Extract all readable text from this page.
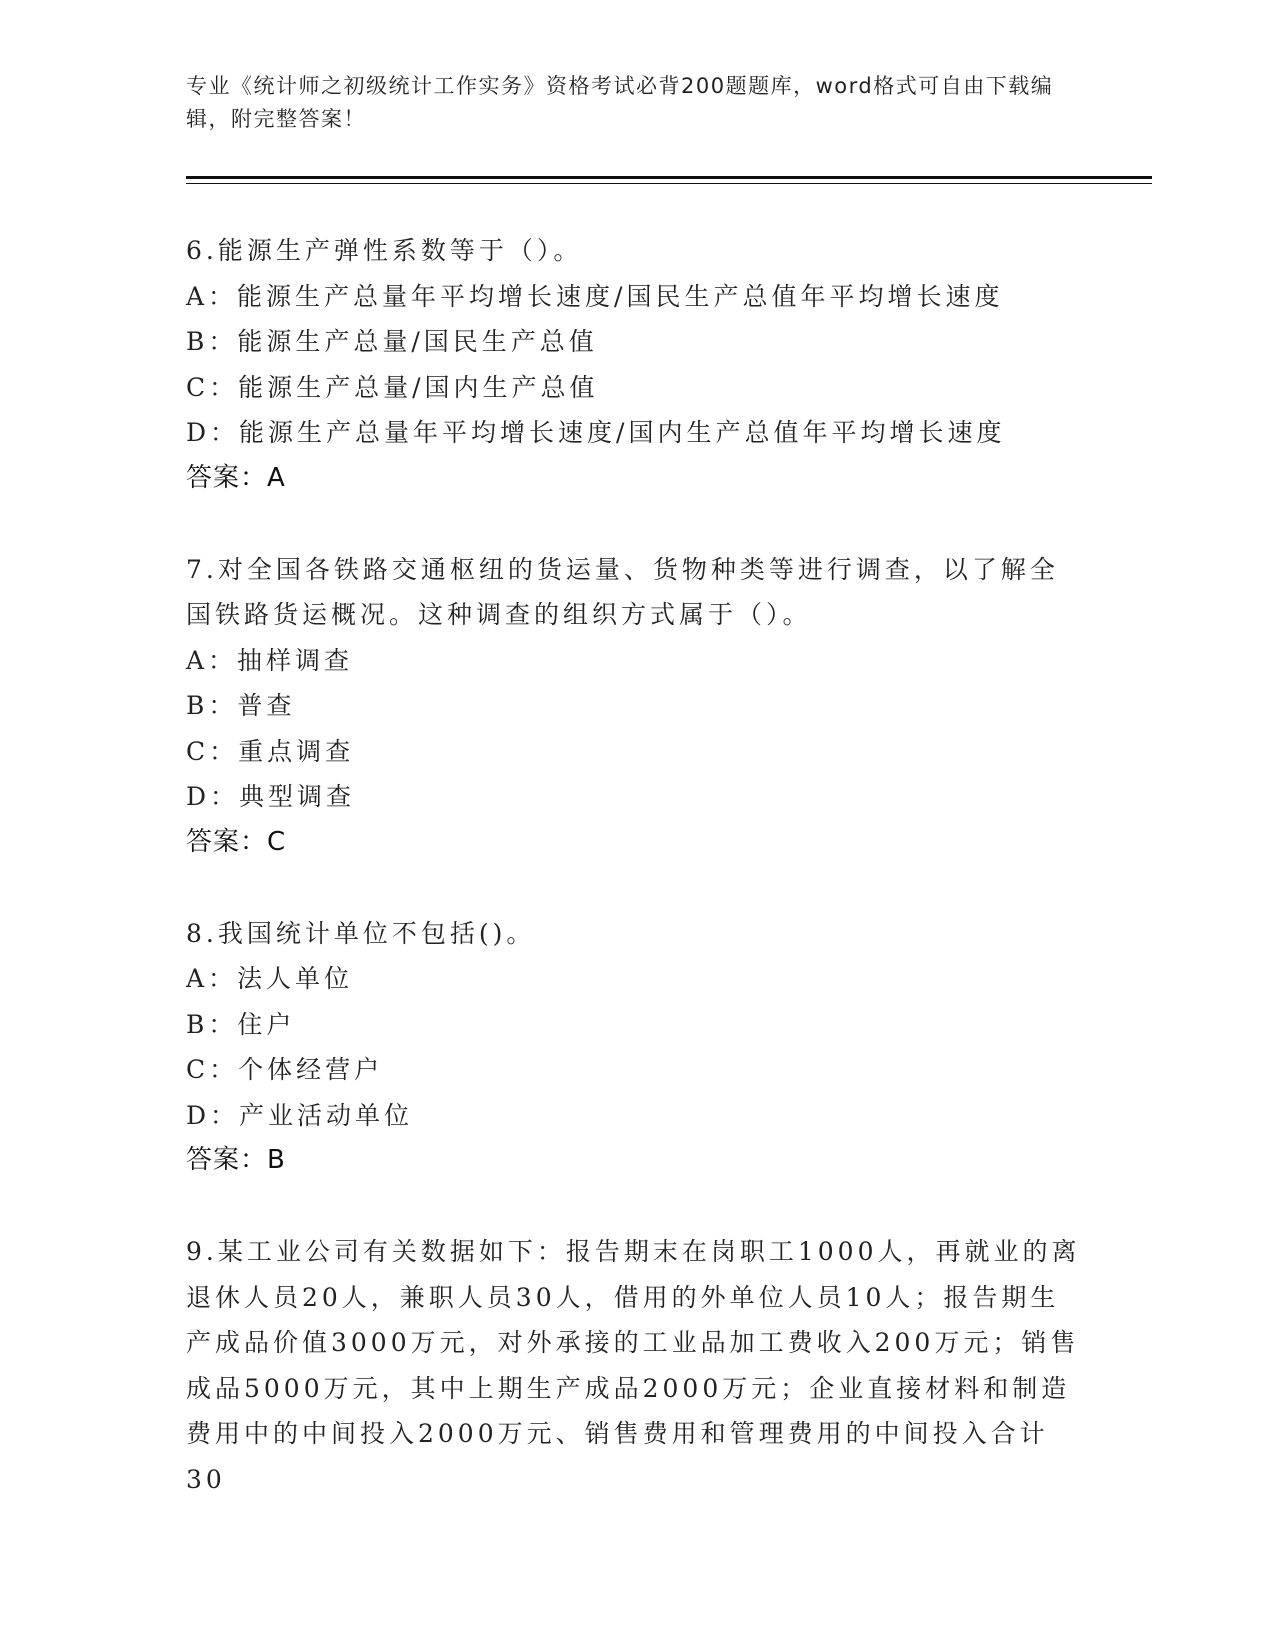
专业《统计师之初级统计工作实务》资格考试必背200题题库，word格式可自由下载编辑，附完整答案！
6.能源生产弹性系数等于（）。
A：能源生产总量年平均增长速度/国民生产总值年平均增长速度
B：能源生产总量/国民生产总值
C：能源生产总量/国内生产总值
D：能源生产总量年平均增长速度/国内生产总值年平均增长速度
答案：A
7.对全国各铁路交通枢纽的货运量、货物种类等进行调查，以了解全国铁路货运概况。这种调查的组织方式属于（）。
A：抽样调查
B：普查
C：重点调查
D：典型调查
答案：C
8.我国统计单位不包括()。
A：法人单位
B：住户
C：个体经营户
D：产业活动单位
答案：B
9.某工业公司有关数据如下：报告期末在岗职工1000人，再就业的离退休人员20人，兼职人员30人，借用的外单位人员10人；报告期生产成品价值3000万元，对外承接的工业品加工费收入200万元；销售成品5000万元，其中上期生产成品2000万元；企业直接材料和制造费用中的中间投入2000万元、销售费用和管理费用的中间投入合计30
